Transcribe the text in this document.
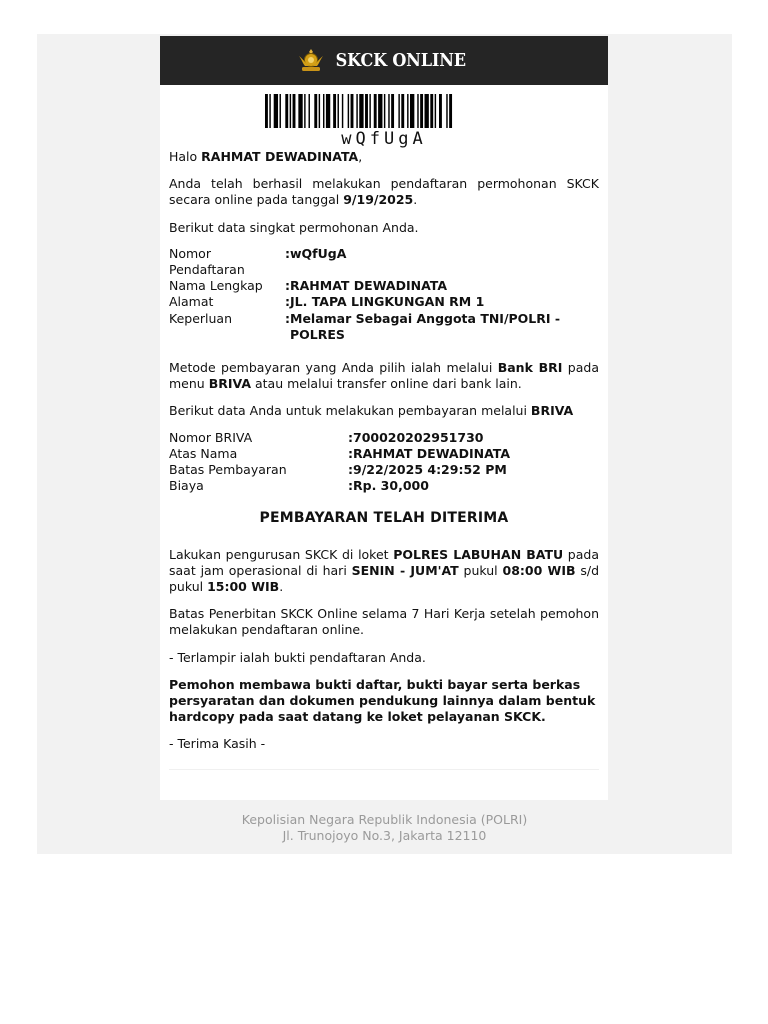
SKCK ONLINE
wQfUgA

Halo RAHMAT DEWADINATA,

Anda telah berhasil melakukan pendaftaran permohonan SKCK secara online pada tanggal 9/19/2025.

Berikut data singkat permohonan Anda.

Nomor Pendaftaran	:wQfUgA
Nama Lengkap	:RAHMAT DEWADINATA
Alamat	:JL. TAPA LINGKUNGAN RM 1
Keperluan		: Melamar Sebagai Anggota TNI/POLRI - POLRES

Metode pembayaran yang Anda pilih ialah melalui Bank BRI pada menu BRIVA atau melalui transfer online dari bank lain.

Berikut data Anda untuk melakukan pembayaran melalui BRIVA

Nomor BRIVA	:700020202951730
Atas Nama	:RAHMAT DEWADINATA
Batas Pembayaran	:9/22/2025 4:29:52 PM
Biaya	:Rp. 30,000
PEMBAYARAN TELAH DITERIMA

Lakukan pengurusan SKCK di loket POLRES LABUHAN BATU pada saat jam operasional di hari SENIN - JUM'AT pukul 08:00 WIB s/d pukul 15:00 WIB.

Batas Penerbitan SKCK Online selama 7 Hari Kerja setelah pemohon melakukan pendaftaran online.

- Terlampir ialah bukti pendaftaran Anda.

Pemohon membawa bukti daftar, bukti bayar serta berkas persyaratan dan dokumen pendukung lainnya dalam bentuk hardcopy pada saat datang ke loket pelayanan SKCK.

- Terima Kasih -

Kepolisian Negara Republik Indonesia (POLRI)
Jl. Trunojoyo No.3, Jakarta 12110
